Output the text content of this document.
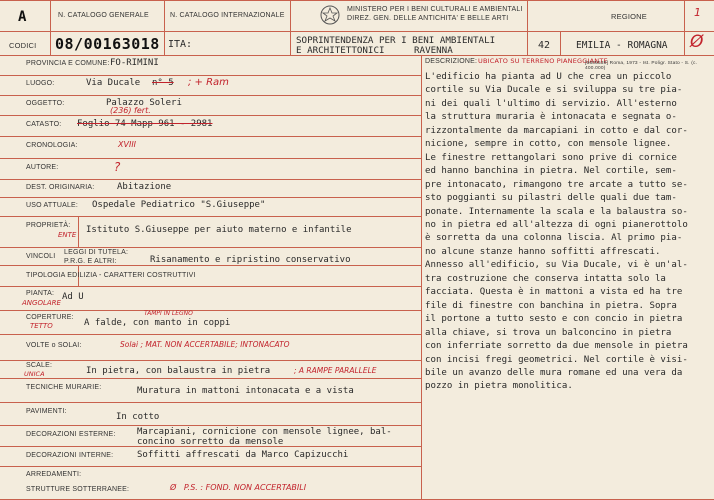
A	N. CATALOGO GENERALE	N. CATALOGO INTERNAZIONALE
MINISTERO PER I BENI CULTURALI E AMBIENTALI
DIREZ. GEN. DELLE ANTICHITA' E BELLE ARTI	REGIONE	1
CODICI 08/00163018 ITA:	SOPRINTENDENZA PER I BENI AMBIENTALI
E ARCHITETTONICI	RAVENNA	42	EMILIA - ROMAGNA Ø
PROVINCIA E COMUNE: FO-RIMINI
LUOGO:	Via Ducale n° 5 ; + Ram
OGGETTO:	Palazzo Soleri
CATASTO: Foglio 74 Mapp 961 - 2981
(236) fert.
CRONOLOGIA:	XVIII
AUTORE:	?
DEST. ORIGINARIA:	Abitazione
USO ATTUALE: Ospedale Pediatrico "S.Giuseppe"
PROPRIETÀ:
ENTE Istituto S.Giuseppe per aiuto materno e infantile
LEGGI DI TUTELA:
P.R.G. E ALTRI:
VINCOLI	Risanamento e ripristino conservativo
TIPOLOGIA EDILIZIA - CARATTERI COSTRUTTIVI
PIANTA:
ANGOLARE
Ad U
COPERTURE:
TETTO
TAMPI IN LEGNO
A falde, con manto in coppi
VOLTE o SOLAI:	Solai ; MAT. NON ACCERTABILE; INTONACATO
SCALE:
UNICA	In pietra, con balaustra in pietra	; A RAMPE PARALLELE
TECNICHE MURARIE:	Muratura in mattoni intonacata e a vista
PAVIMENTI:
In cotto
DECORAZIONI ESTERNE: Marcapiani, cornicione con mensole lignee, bal-
concino sorretto da mensole
DECORAZIONI INTERNE:	Soffitti affrescati da Marco Capizucchi
ARREDAMENTI:
STRUTTURE SOTTERRANEE:	Ø   P.S. : FOND. NON ACCERTABILI
DESCRIZIONE: UBICATO SU TERRENO PIANEGGIANTE
[6605539] Roma, 1973 - Ist. Poligr. Stato - S. (c. 400.000)
L'edificio ha pianta ad U che crea un piccolo
cortile su Via Ducale e si sviluppa su tre pia-
ni dei quali l'ultimo di servizio. All'esterno
la struttura muraria è intonacata e segnata o-
rizzontalmente da marcapiani in cotto e dal cor-
nicione, sempre in cotto, con mensole lignee.
Le finestre rettangolari sono prive di cornice
ed hanno banchina in pietra. Nel cortile, sem-
pre intonacato, rimangono tre arcate a tutto se-
sto poggianti su pilastri delle quali due tam-
ponate. Internamente la scala e la balaustra so-
no in pietra ed all'altezza di ogni pianerottolo
è sorretta da una colonna liscia. Al primo pia-
no alcune stanze hanno soffitti affrescati.
Annesso all'edificio, su Via Ducale, vi è un'al-
tra costruzione che conserva intatta solo la
facciata. Questa è in mattoni a vista ed ha tre
file di finestre con banchina in pietra. Sopra
il portone a tutto sesto e con concio in pietra
alla chiave, si trova un balconcino in pietra
con inferriate sorretto da due mensole in pietra
con incisi fregi geometrici. Nel cortile è visi-
bile un avanzo delle mura romane ed una vera da
pozzo in pietra monolitica.
